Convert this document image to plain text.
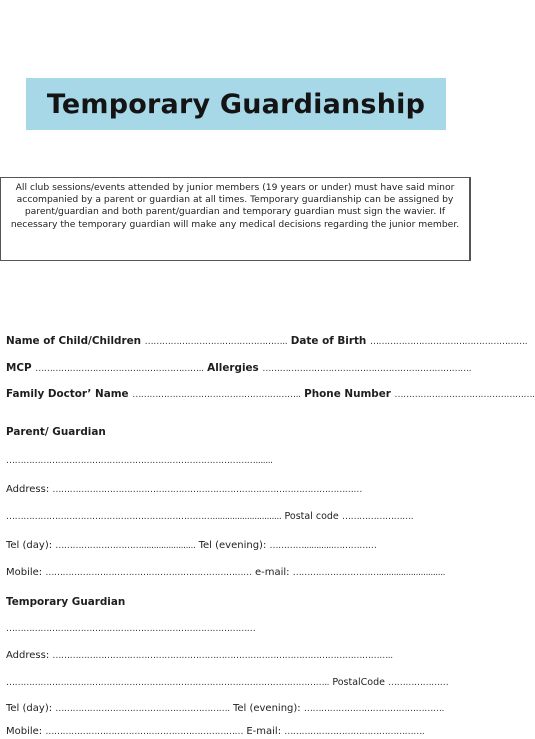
Temporary Guardianship
All club sessions/events attended by junior members (19 years or under) must have said minor accompanied by a parent or guardian at all times. Temporary guardianship can be assigned by parent/guardian and both parent/guardian and temporary guardian must sign the wavier. If necessary the temporary guardian will make any medical decisions regarding the junior member.
Name of Child/Children ………………………………………….. Date of Birth ……………………………………………….
MCP ………………………………………………….. Allergies ……………………………………………………………….
Family Doctor’ Name ………………………………………………….. Phone Number ………………………………………….
Parent/ Guardian
…………………………………………………………………………….......
Address: ………………………………………………………………………………………………
………………………………………………………………............................ Postal code …………………….
Tel (day): …………………………...................... Tel (evening): …………............……………
Mobile: ……………………………………………………………… e-mail: …………………………...........................
Temporary Guardian
……………………………………………………………………………
Address: ………………………………………………………………………………………………………..
………………………………………………………………………………………………….. PostalCode …………………
Tel (day): ……………………………………………………. Tel (evening): ………………………………………….
Mobile: …………………………………………………………… E-mail: ………………………………………….
